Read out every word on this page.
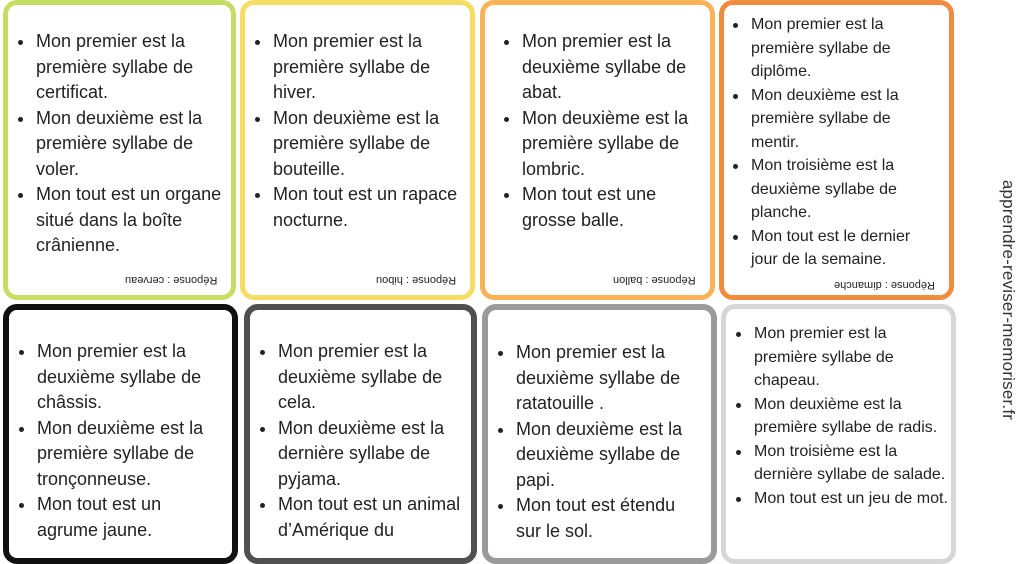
Mon premier est la première syllabe de certificat.
Mon deuxième est la première syllabe de voler.
Mon tout est un organe situé dans la boîte crânienne.
Réponse : cerveau
Mon premier est la première syllabe de hiver.
Mon deuxième est la première syllabe de bouteille.
Mon tout est un rapace nocturne.
Réponse : hibou
Mon premier est la deuxième syllabe de abat.
Mon deuxième est la première syllabe de lombric.
Mon tout est une grosse balle.
Réponse : ballon
Mon premier est la première syllabe de diplôme.
Mon deuxième est la première syllabe de mentir.
Mon troisième est la deuxième syllabe de planche.
Mon tout est le dernier jour de la semaine.
Réponse : dimanche
Mon premier est la deuxième syllabe de châssis.
Mon deuxième est la première syllabe de tronçonneuse.
Mon tout est un agrume jaune.
Mon premier est la deuxième syllabe de cela.
Mon deuxième est la dernière syllabe de pyjama.
Mon tout est un animal d’Amérique du
Mon premier est la deuxième syllabe de ratatouille .
Mon deuxième est la deuxième syllabe de papi.
Mon tout est étendu sur le sol.
Mon premier est la première syllabe de chapeau.
Mon deuxième est la première syllabe de radis.
Mon troisième est la dernière syllabe de salade.
Mon tout est un jeu de mot.
apprendre-reviser-memoriser.fr
